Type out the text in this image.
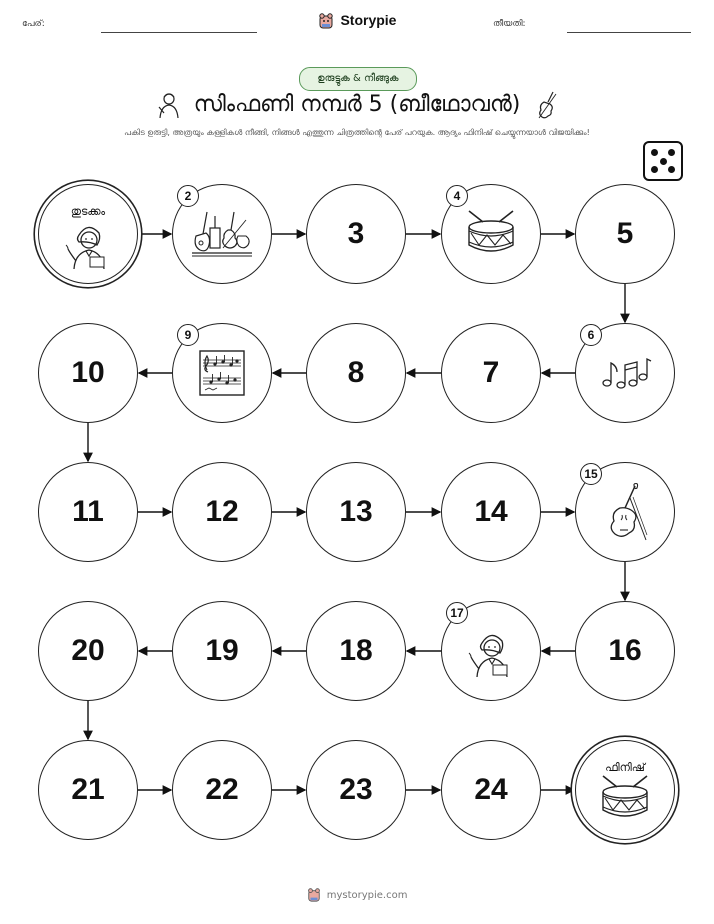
പേര്:	Storypie	തീയതി:
ഉരുട്ടുക & നീങ്ങുക
സിംഫണി നമ്പർ 5 (ബീഥോവൻ)
പകിട ഉരുട്ടി, അത്രയും കള്ളികൾ നീങ്ങി, നിങ്ങൾ എത്തുന്ന ചിത്രത്തിന്റെ പേര് പറയുക. ആദ്യം ഫിനിഷ് ചെയ്യുന്നയാൾ വിജയിക്കും!
തുടക്കം
2
3
4
5
6
7
8
9
10
11	12	13	14
15
16
17
18
19
20
21	22	23	24
ഫിനിഷ്
mystorypie.com
